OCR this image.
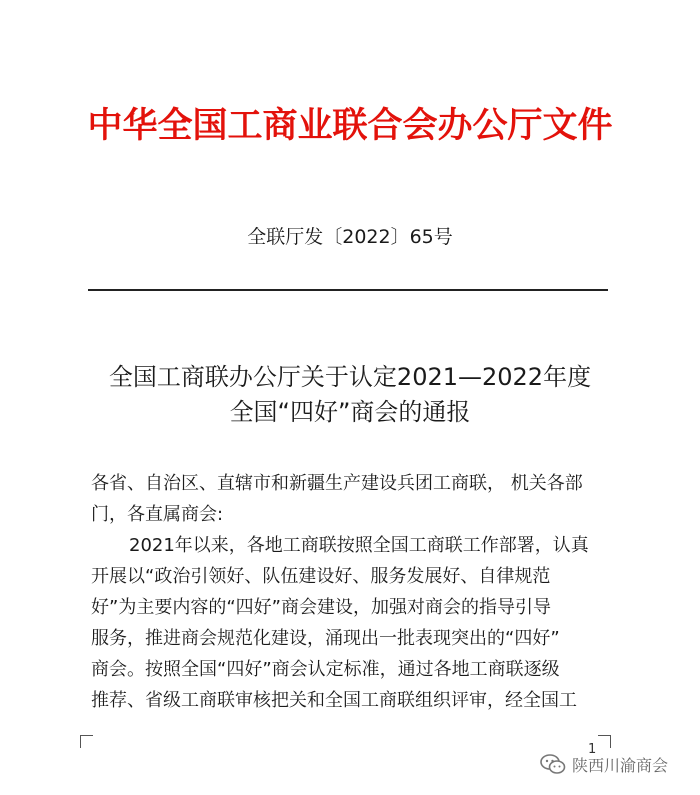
中华全国工商业联合会办公厅文件
全联厅发〔2022〕65号
全国工商联办公厅关于认定2021—2022年度
全国“四好”商会的通报
各省、自治区、直辖市和新疆生产建设兵团工商联， 机关各部
门，各直属商会:
2021年以来，各地工商联按照全国工商联工作部署，认真
开展以“政治引领好、队伍建设好、服务发展好、自律规范
好”为主要内容的“四好”商会建设，加强对商会的指导引导
服务，推进商会规范化建设，涌现出一批表现突出的“四好”
商会。按照全国“四好”商会认定标准，通过各地工商联逐级
推荐、省级工商联审核把关和全国工商联组织评审，经全国工
1
陕西川渝商会
